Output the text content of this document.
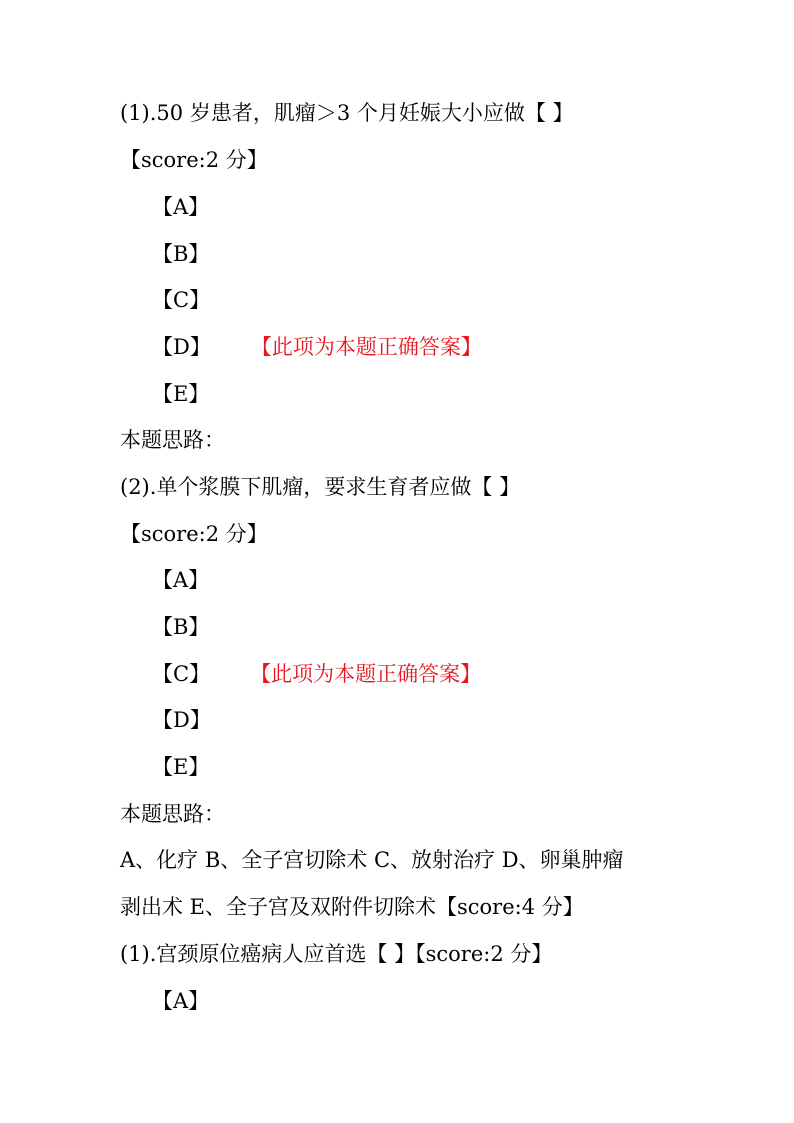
(1).50 岁患者，肌瘤＞3 个月妊娠大小应做【 】
【score:2 分】
【A】
【B】
【C】
【D】 【此项为本题正确答案】
【E】
本题思路：
(2).单个浆膜下肌瘤，要求生育者应做【 】
【score:2 分】
【A】
【B】
【C】 【此项为本题正确答案】
【D】
【E】
本题思路：
A、化疗 B、全子宫切除术 C、放射治疗 D、卵巢肿瘤
剥出术 E、全子宫及双附件切除术【score:4 分】
(1).宫颈原位癌病人应首选【 】【score:2 分】
【A】
